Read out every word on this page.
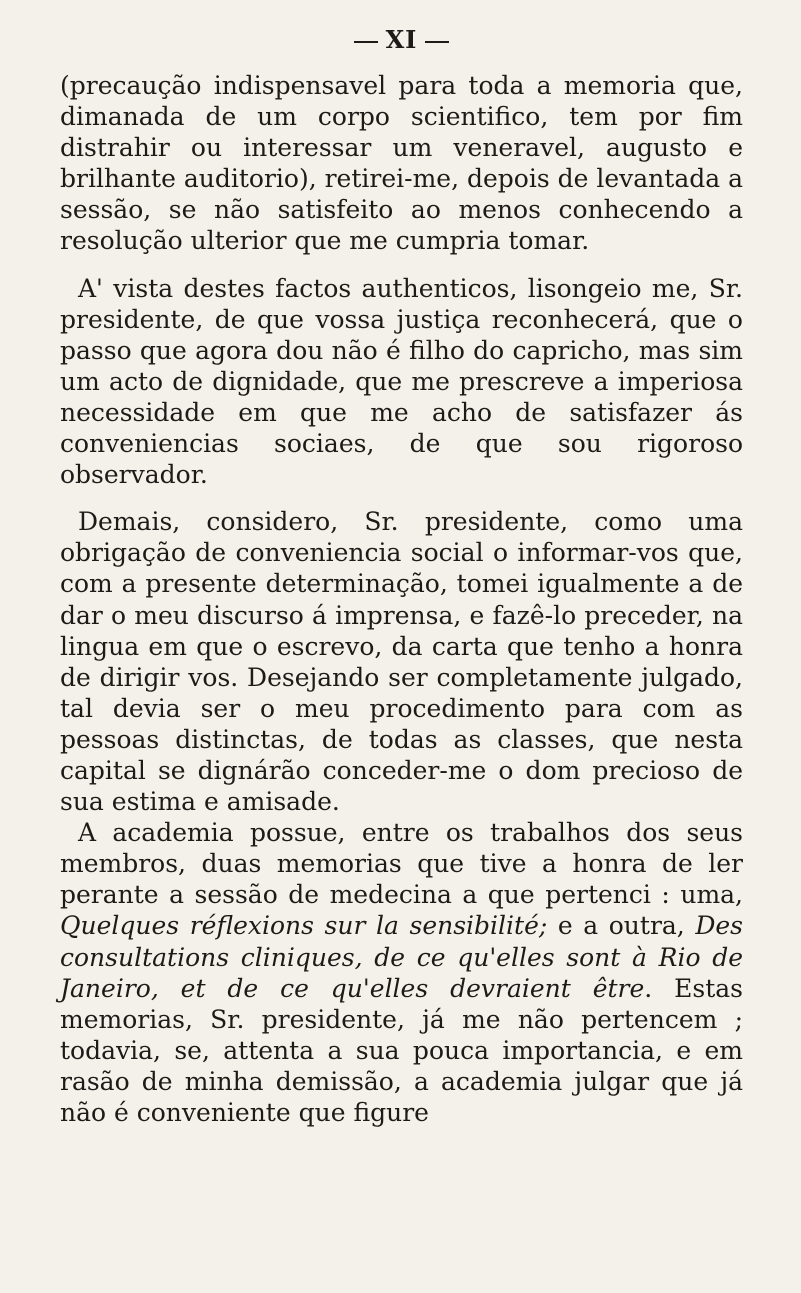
XI

(precaução indispensavel para toda a memoria que, dimanada de um corpo scientifico, tem por fim distrahir ou interessar um veneravel, augusto e brilhante auditorio), retirei-me, depois de levantada a sessão, se não satisfeito ao menos conhecendo a resolução ulterior que me cumpria tomar.

A' vista destes factos authenticos, lisongeio me, Sr. presidente, de que vossa justiça reconhecerá, que o passo que agora dou não é filho do capricho, mas sim um acto de dignidade, que me prescreve a imperiosa necessidade em que me acho de satisfazer ás conveniencias sociaes, de que sou rigoroso observador.

Demais, considero, Sr. presidente, como uma obrigação de conveniencia social o informar-vos que, com a presente determinação, tomei igualmente a de dar o meu discurso á imprensa, e fazê-lo preceder, na lingua em que o escrevo, da carta que tenho a honra de dirigir vos. Desejando ser completamente julgado, tal devia ser o meu procedimento para com as pessoas distinctas, de todas as classes, que nesta capital se dignárão conceder-me o dom precioso de sua estima e amisade.

A academia possue, entre os trabalhos dos seus membros, duas memorias que tive a honra de ler perante a sessão de medecina a que pertenci : uma, Quelques réflexions sur la sensibilité; e a outra, Des consultations cliniques, de ce qu'elles sont à Rio de Janeiro, et de ce qu'elles devraient être. Estas memorias, Sr. presidente, já me não pertencem ; todavia, se, attenta a sua pouca importancia, e em rasão de minha demissão, a academia julgar que já não é conveniente que figure
